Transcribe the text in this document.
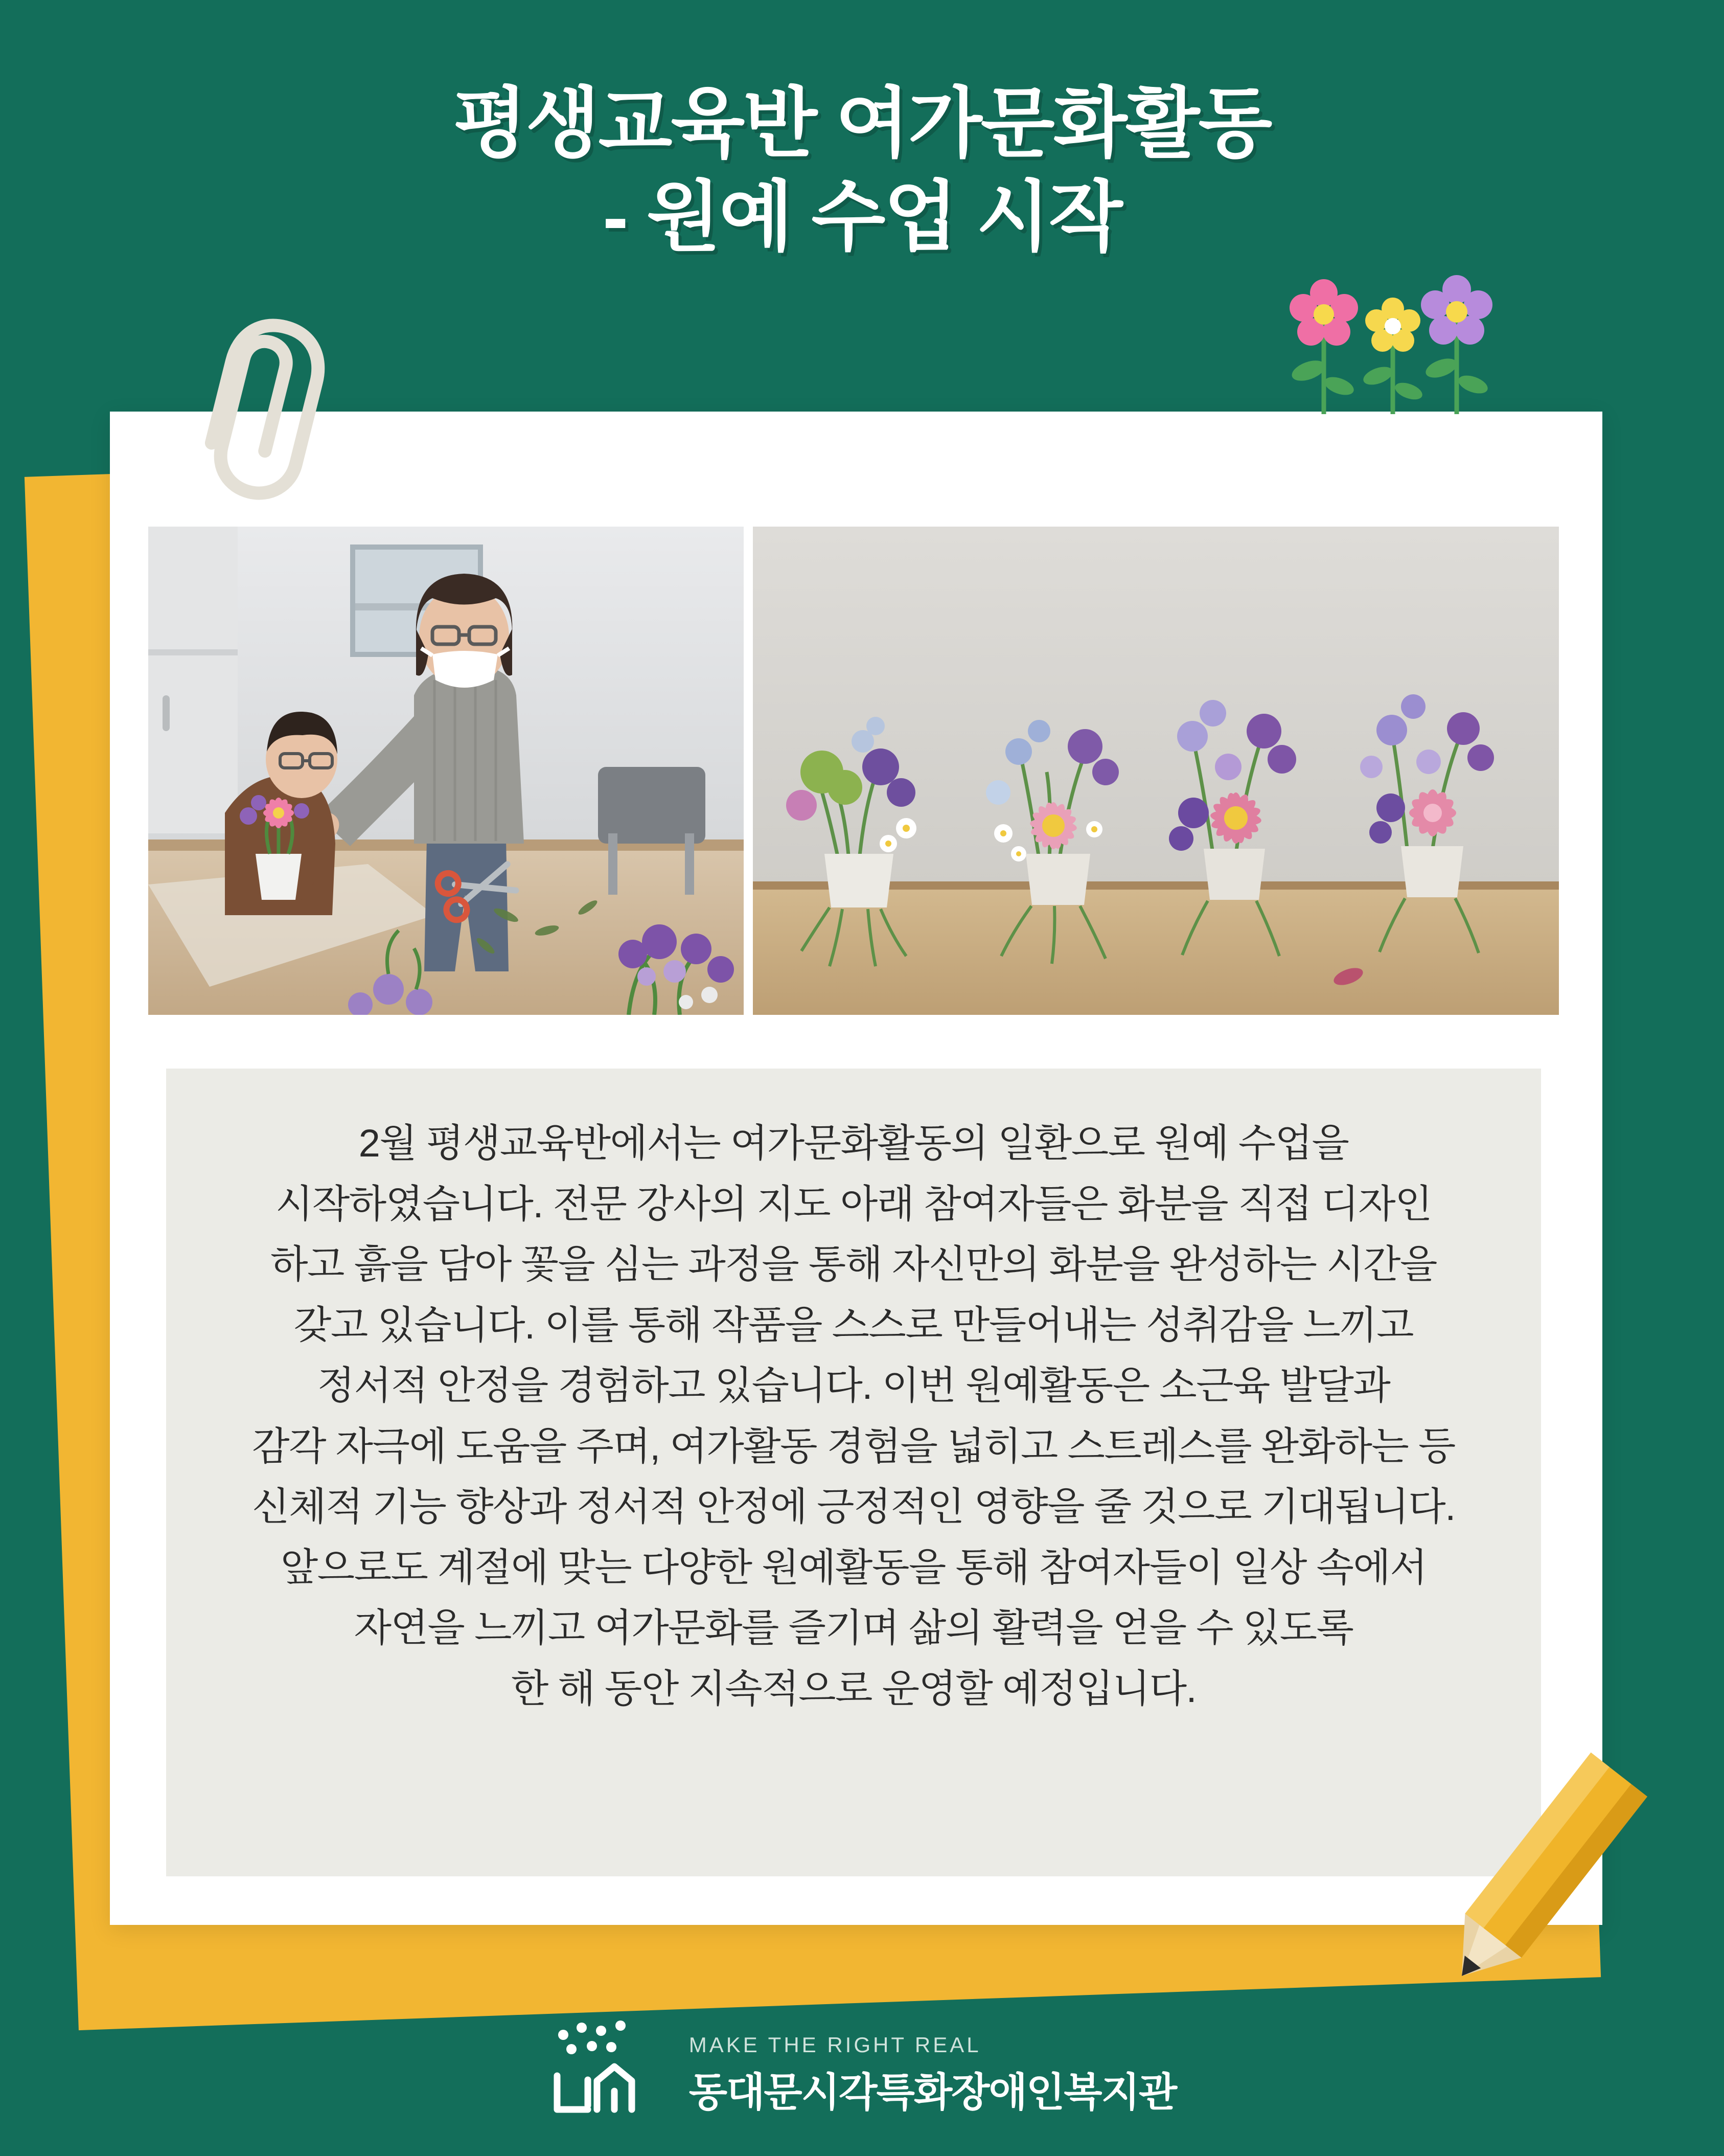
평생교육반 여가문화활동
- 원예 수업 시작
2월 평생교육반에서는 여가문화활동의 일환으로 원예 수업을
시작하였습니다. 전문 강사의 지도 아래 참여자들은 화분을 직접 디자인
하고 흙을 담아 꽃을 심는 과정을 통해 자신만의 화분을 완성하는 시간을
갖고 있습니다. 이를 통해 작품을 스스로 만들어내는 성취감을 느끼고
정서적 안정을 경험하고 있습니다. 이번 원예활동은 소근육 발달과
감각 자극에 도움을 주며, 여가활동 경험을 넓히고 스트레스를 완화하는 등
신체적 기능 향상과 정서적 안정에 긍정적인 영향을 줄 것으로 기대됩니다.
앞으로도 계절에 맞는 다양한 원예활동을 통해 참여자들이 일상 속에서
자연을 느끼고 여가문화를 즐기며 삶의 활력을 얻을 수 있도록
한 해 동안 지속적으로 운영할 예정입니다.
MAKE THE RIGHT REAL
동대문시각특화장애인복지관
